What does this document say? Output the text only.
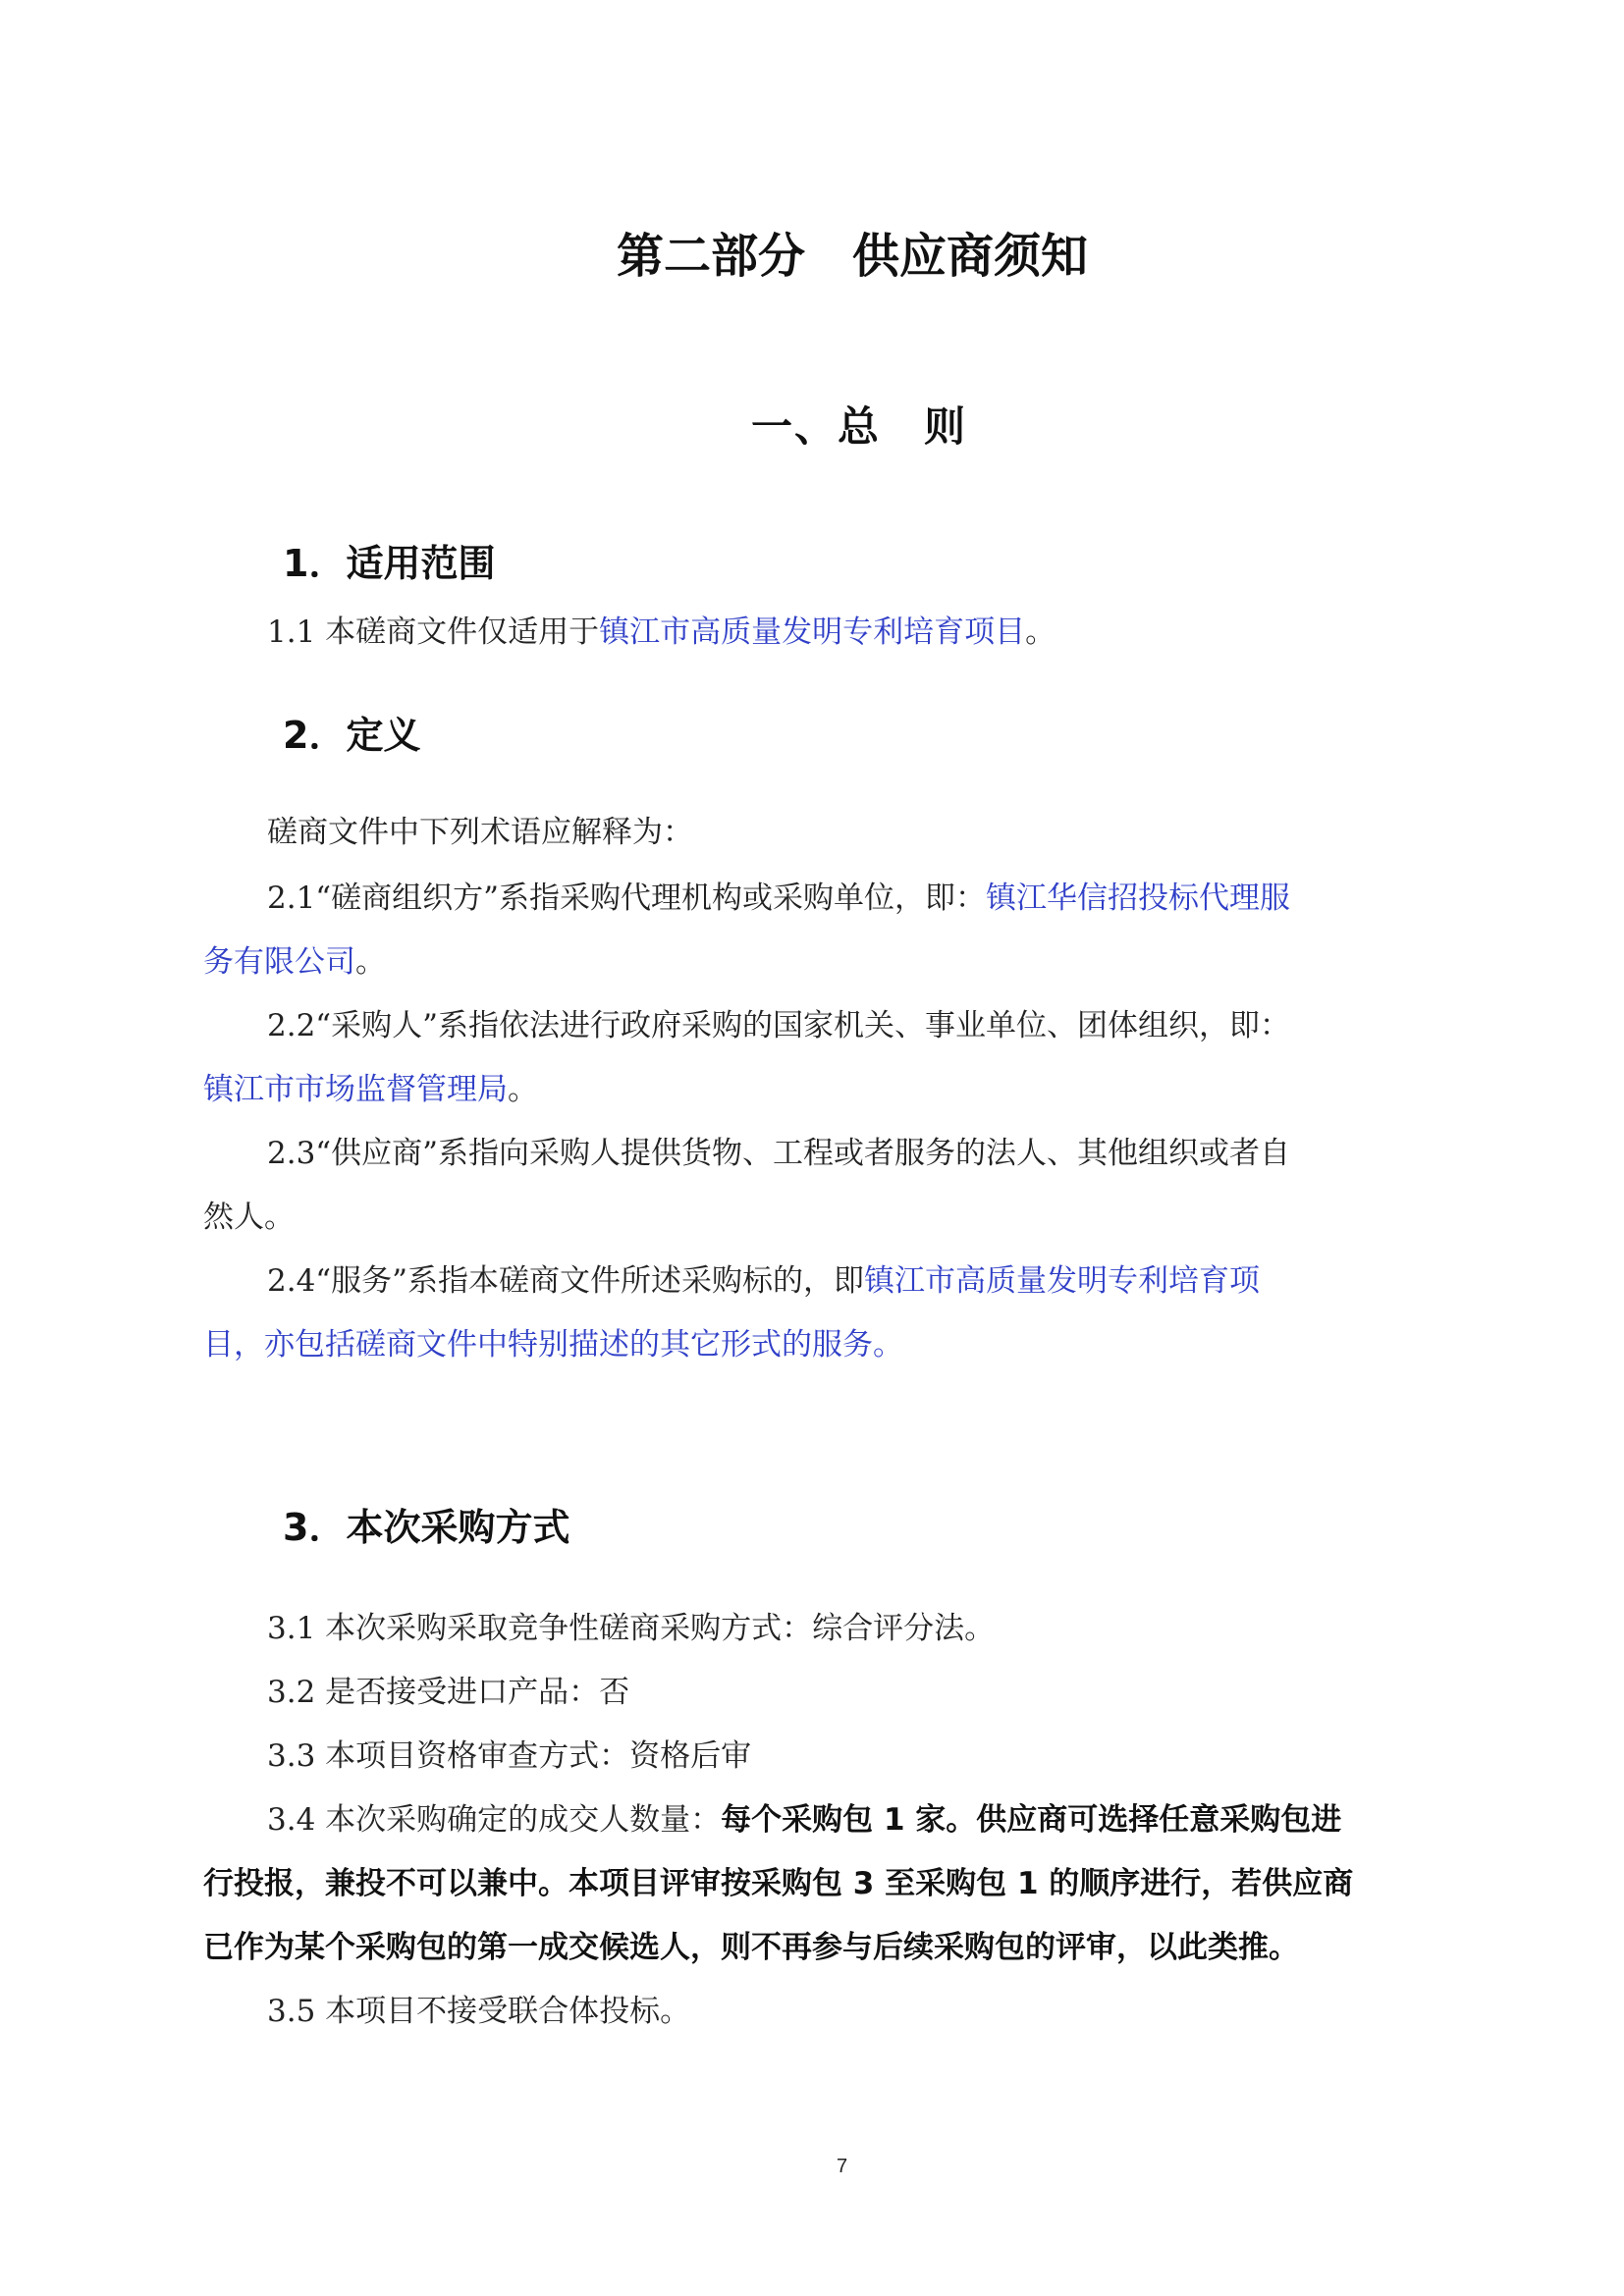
第二部分　供应商须知
一、总　则
1．适用范围

1.1 本磋商文件仅适用于镇江市高质量发明专利培育项目。

2．定义

磋商文件中下列术语应解释为：

2.1“磋商组织方”系指采购代理机构或采购单位，即：镇江华信招投标代理服

务有限公司。

2.2“采购人”系指依法进行政府采购的国家机关、事业单位、团体组织，即：

镇江市市场监督管理局。

2.3“供应商”系指向采购人提供货物、工程或者服务的法人、其他组织或者自

然人。

2.4“服务”系指本磋商文件所述采购标的，即镇江市高质量发明专利培育项

目，亦包括磋商文件中特别描述的其它形式的服务。

3．本次采购方式

3.1 本次采购采取竞争性磋商采购方式：综合评分法。

3.2 是否接受进口产品：否

3.3 本项目资格审查方式：资格后审

3.4 本次采购确定的成交人数量：每个采购包 1 家。供应商可选择任意采购包进

行投报，兼投不可以兼中。本项目评审按采购包 3 至采购包 1 的顺序进行，若供应商

已作为某个采购包的第一成交候选人，则不再参与后续采购包的评审，以此类推。

3.5 本项目不接受联合体投标。

7
